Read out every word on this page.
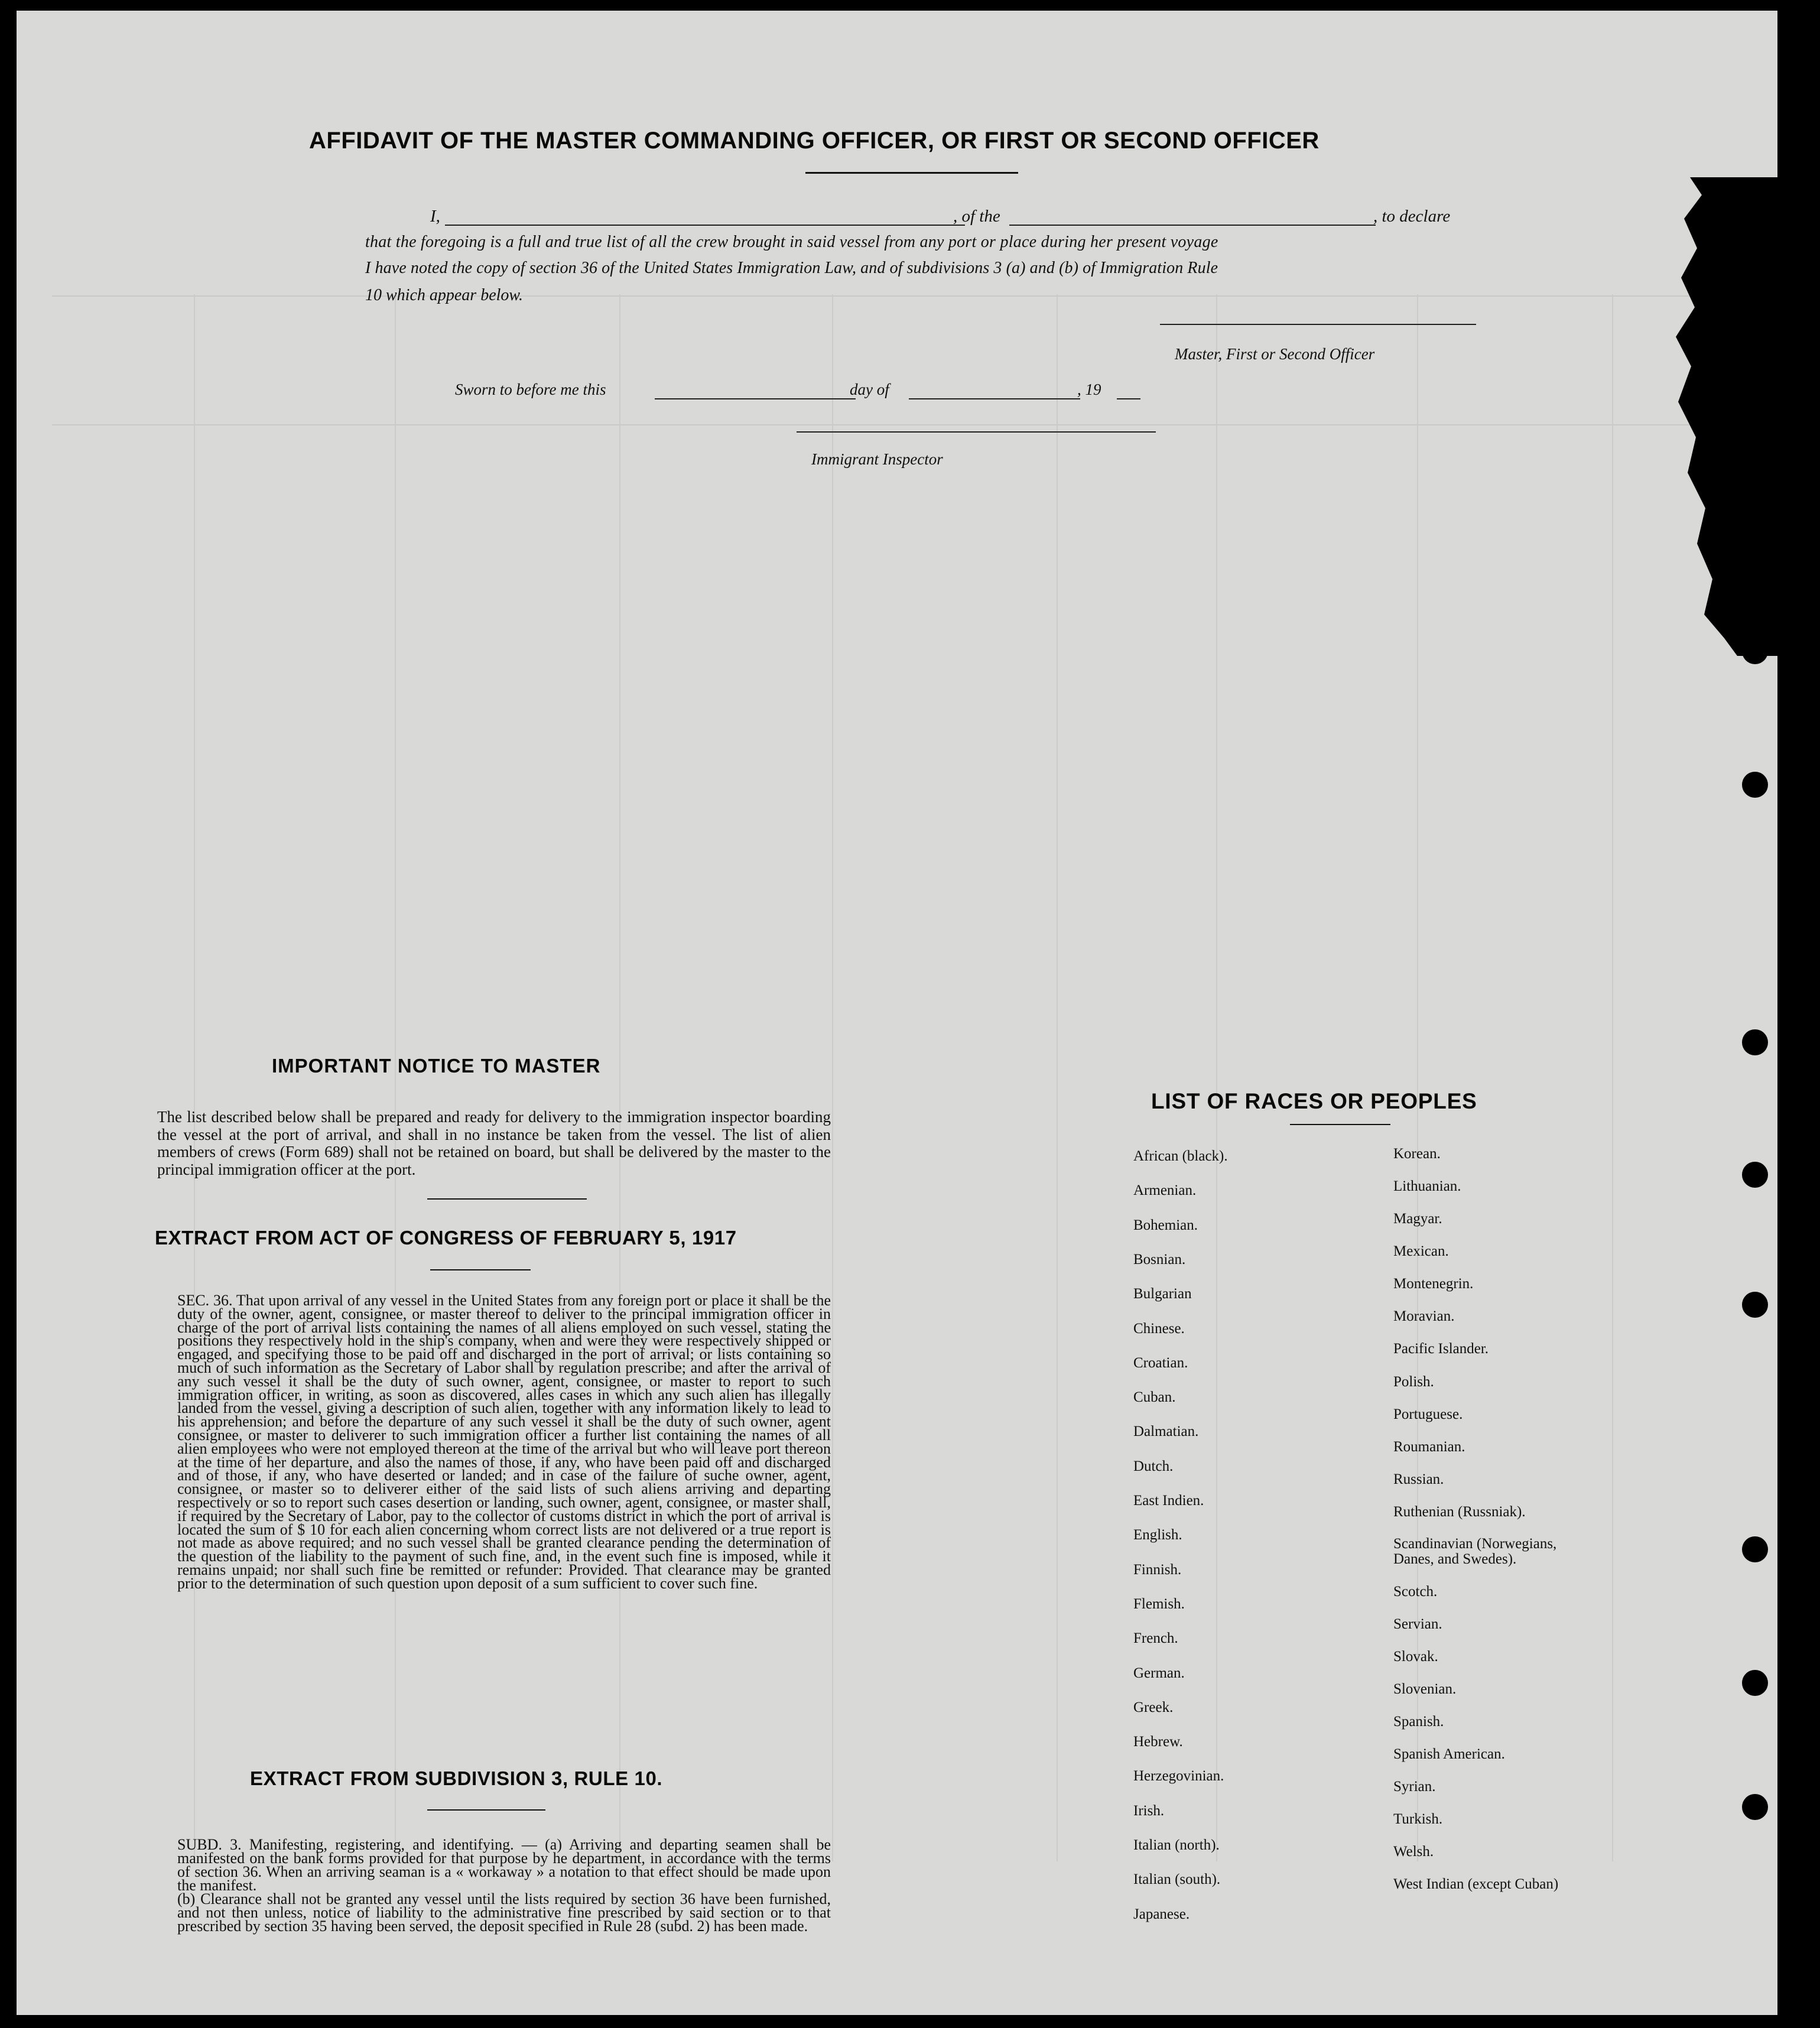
AFFIDAVIT OF THE MASTER COMMANDING OFFICER, OR FIRST OR SECOND OFFICER
I,	, of the	, to declare
that the foregoing is a full and true list of all the crew brought in said vessel from any port or place during her present voyage
I have noted the copy of section 36 of the United States Immigration Law, and of subdivisions 3 (a) and (b) of Immigration Rule
10 which appear below.
Master, First or Second Officer
Sworn to before me this	day of	, 19
Immigrant Inspector
IMPORTANT NOTICE TO MASTER

The list described below shall be prepared and ready for delivery to the immigration inspector boarding the vessel at the port of arrival, and shall in no instance be taken from the vessel. The list of alien members of crews (Form 689) shall not be retained on board, but shall be delivered by the master to the principal immigration officer at the port.

EXTRACT FROM ACT OF CONGRESS OF FEBRUARY 5, 1917

SEC. 36. That upon arrival of any vessel in the United States from any foreign port or place it shall be the duty of the owner, agent, consignee, or master thereof to deliver to the principal immigration officer in charge of the port of arrival lists containing the names of all aliens employed on such vessel, stating the positions they respectively hold in the ship's company, when and were they were respectively shipped or engaged, and specifying those to be paid off and discharged in the port of arrival; or lists containing so much of such information as the Secretary of Labor shall by regulation prescribe; and after the arrival of any such vessel it shall be the duty of such owner, agent, consignee, or master to report to such immigration officer, in writing, as soon as discovered, alles cases in which any such alien has illegally landed from the vessel, giving a description of such alien, together with any information likely to lead to his apprehension; and before the departure of any such vessel it shall be the duty of such owner, agent consignee, or master to deliverer to such immigration officer a further list containing the names of all alien employees who were not employed thereon at the time of the arrival but who will leave port thereon at the time of her departure, and also the names of those, if any, who have been paid off and discharged and of those, if any, who have deserted or landed; and in case of the failure of suche owner, agent, consignee, or master so to deliverer either of the said lists of such aliens arriving and departing respectively or so to report such cases desertion or landing, such owner, agent, consignee, or master shall, if required by the Secretary of Labor, pay to the collector of customs district in which the port of arrival is located the sum of $ 10 for each alien concerning whom correct lists are not delivered or a true report is not made as above required; and no such vessel shall be granted clearance pending the determination of the question of the liability to the payment of such fine, and, in the event such fine is imposed, while it remains unpaid; nor shall such fine be remitted or refunder: Provided. That clearance may be granted prior to the determination of such question upon deposit of a sum sufficient to cover such fine.

EXTRACT FROM SUBDIVISION 3, RULE 10.

SUBD. 3. Manifesting, registering, and identifying. — (a) Arriving and departing seamen shall be manifested on the bank forms provided for that purpose by he department, in accordance with the terms of section 36. When an arriving seaman is a « workaway » a notation to that effect should be made upon the manifest.

(b) Clearance shall not be granted any vessel until the lists required by section 36 have been furnished, and not then unless, notice of liability to the administrative fine prescribed by said section or to that prescribed by section 35 having been served, the deposit specified in Rule 28 (subd. 2) has been made.

LIST OF RACES OR PEOPLES
African (black).
Armenian.
Bohemian.
Bosnian.
Bulgarian
Chinese.
Croatian.
Cuban.
Dalmatian.
Dutch.
East Indien.
English.
Finnish.
Flemish.
French.
German.
Greek.
Hebrew.
Herzegovinian.
Irish.
Italian (north).
Italian (south).
Japanese.
Korean.
Lithuanian.
Magyar.
Mexican.
Montenegrin.
Moravian.
Pacific Islander.
Polish.
Portuguese.
Roumanian.
Russian.
Ruthenian (Russniak).
Scandinavian (Norwegians, Danes, and Swedes).
Scotch.
Servian.
Slovak.
Slovenian.
Spanish.
Spanish American.
Syrian.
Turkish.
Welsh.
West Indian (except Cuban)
